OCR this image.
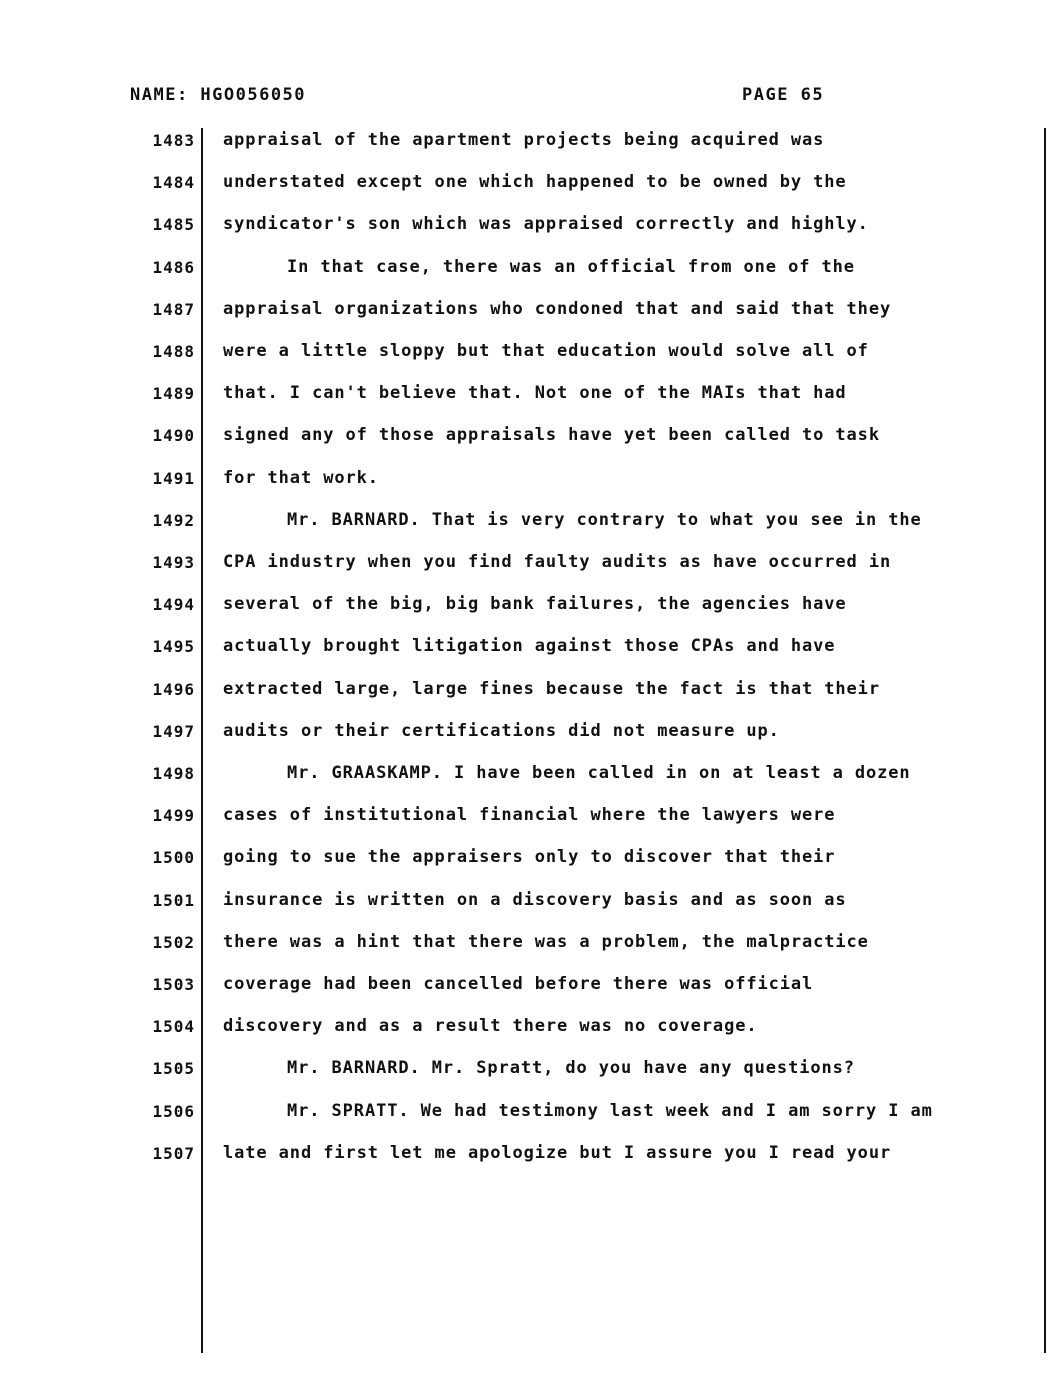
NAME: HGO056050	PAGE 65
1483 appraisal of the apartment projects being acquired was
1484 understated except one which happened to be owned by the
1485 syndicator's son which was appraised correctly and highly.
1486	In that case, there was an official from one of the
1487 appraisal organizations who condoned that and said that they
1488 were a little sloppy but that education would solve all of
1489 that. I can't believe that. Not one of the MAIs that had
1490 signed any of those appraisals have yet been called to task
1491 for that work.
1492	Mr. BARNARD. That is very contrary to what you see in the
1493 CPA industry when you find faulty audits as have occurred in
1494 several of the big, big bank failures, the agencies have
1495 actually brought litigation against those CPAs and have
1496 extracted large, large fines because the fact is that their
1497 audits or their certifications did not measure up.
1498	Mr. GRAASKAMP. I have been called in on at least a dozen
1499 cases of institutional financial where the lawyers were
1500 going to sue the appraisers only to discover that their
1501 insurance is written on a discovery basis and as soon as
1502 there was a hint that there was a problem, the malpractice
1503 coverage had been cancelled before there was official
1504 discovery and as a result there was no coverage.
1505	Mr. BARNARD. Mr. Spratt, do you have any questions?
1506	Mr. SPRATT. We had testimony last week and I am sorry I am
1507 late and first let me apologize but I assure you I read your
